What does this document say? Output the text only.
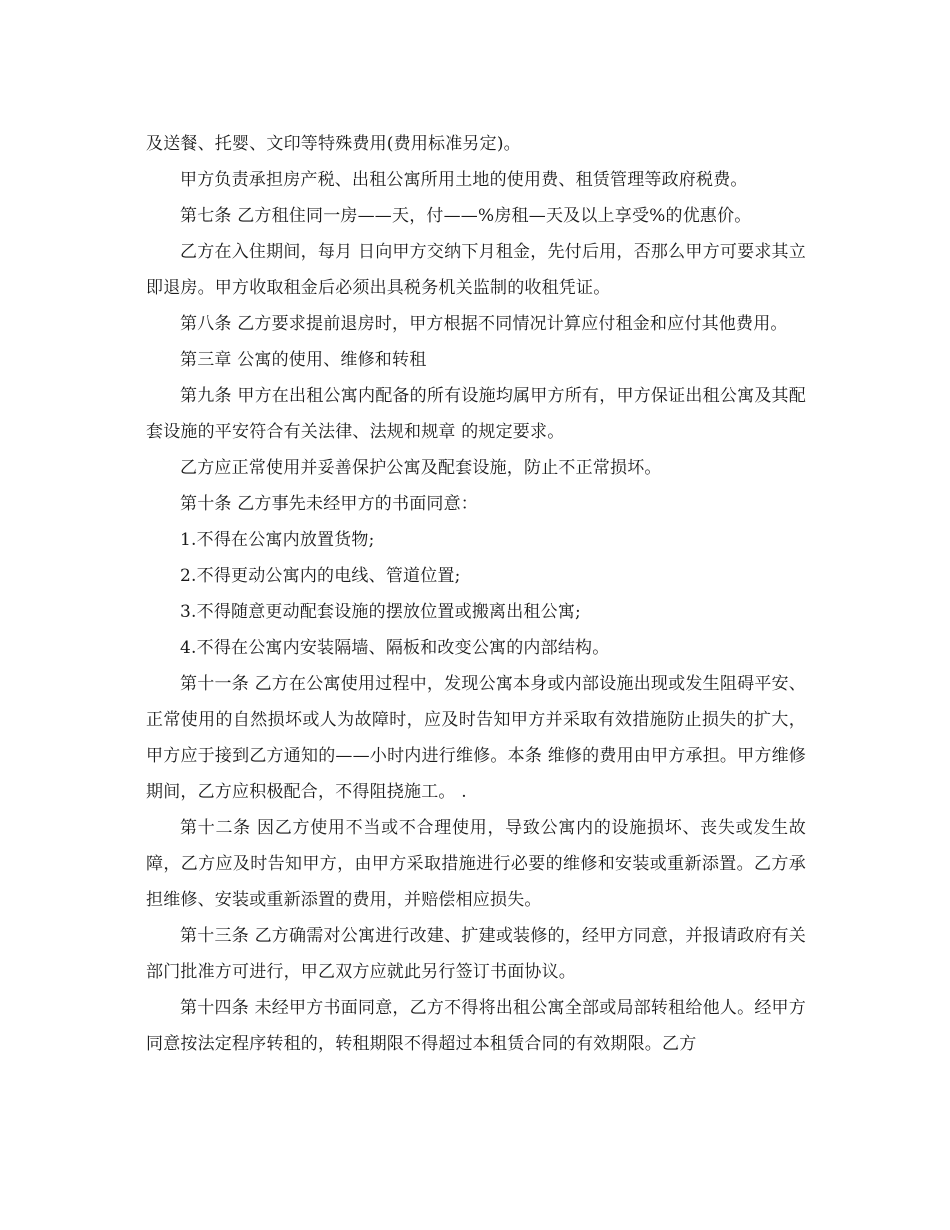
及送餐、托婴、文印等特殊费用(费用标准另定)。

甲方负责承担房产税、出租公寓所用土地的使用费、租赁管理等政府税费。

第七条 乙方租住同一房——天，付——%房租—天及以上享受%的优惠价。

乙方在入住期间，每月 日向甲方交纳下月租金，先付后用，否那么甲方可要求其立即退房。甲方收取租金后必须出具税务机关监制的收租凭证。

第八条 乙方要求提前退房时，甲方根据不同情况计算应付租金和应付其他费用。

第三章 公寓的使用、维修和转租

第九条 甲方在出租公寓内配备的所有设施均属甲方所有，甲方保证出租公寓及其配套设施的平安符合有关法律、法规和规章 的规定要求。

乙方应正常使用并妥善保护公寓及配套设施，防止不正常损坏。

第十条 乙方事先未经甲方的书面同意：

1.不得在公寓内放置货物;

2.不得更动公寓内的电线、管道位置;

3.不得随意更动配套设施的摆放位置或搬离出租公寓;

4.不得在公寓内安装隔墙、隔板和改变公寓的内部结构。

第十一条 乙方在公寓使用过程中，发现公寓本身或内部设施出现或发生阻碍平安、正常使用的自然损坏或人为故障时，应及时告知甲方并采取有效措施防止损失的扩大，甲方应于接到乙方通知的——小时内进行维修。本条 维修的费用由甲方承担。甲方维修期间，乙方应积极配合，不得阻挠施工。 .

第十二条 因乙方使用不当或不合理使用，导致公寓内的设施损坏、丧失或发生故障，乙方应及时告知甲方，由甲方采取措施进行必要的维修和安装或重新添置。乙方承担维修、安装或重新添置的费用，并赔偿相应损失。

第十三条 乙方确需对公寓进行改建、扩建或装修的，经甲方同意，并报请政府有关部门批准方可进行，甲乙双方应就此另行签订书面协议。

第十四条 未经甲方书面同意，乙方不得将出租公寓全部或局部转租给他人。经甲方同意按法定程序转租的，转租期限不得超过本租赁合同的有效期限。乙方
